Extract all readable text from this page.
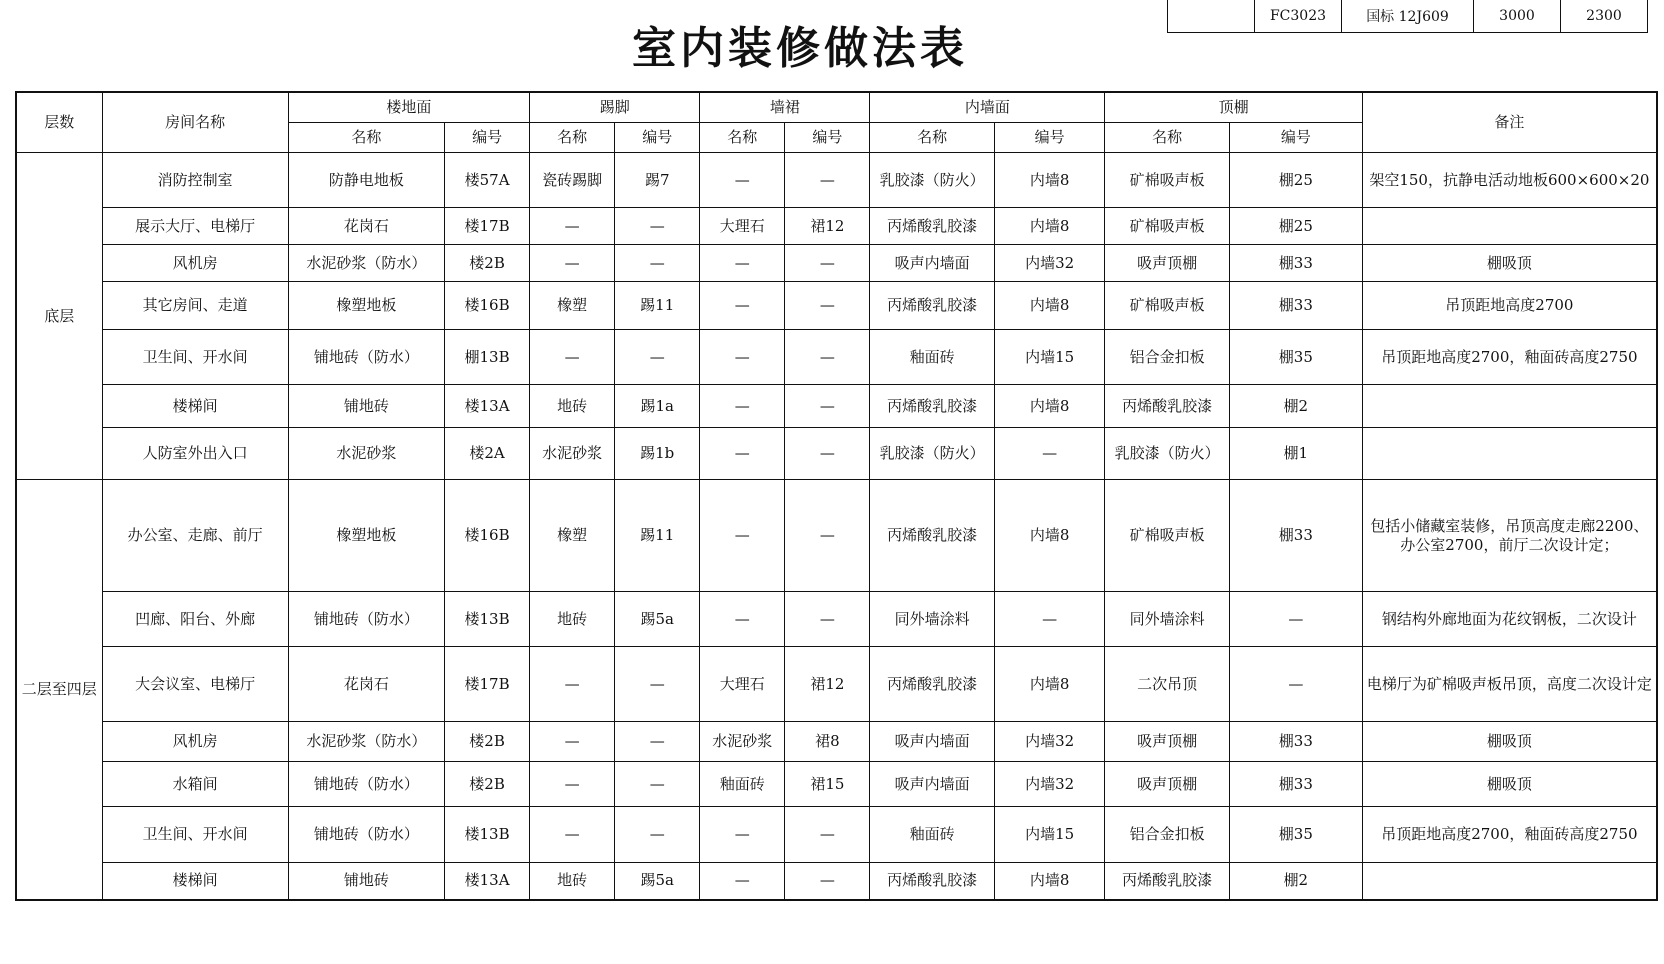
室内装修做法表
	FC3023	国标 12J609	3000	2300
层数	房间名称	楼地面		踢脚		墙裙		内墙面		顶棚		备注
		名称	编号	名称	编号	名称	编号	名称	编号	名称	编号	
底层	消防控制室	防静电地板	楼57A	瓷砖踢脚	踢7	—	—	乳胶漆（防火）	内墙8	矿棉吸声板	棚25	架空150，抗静电活动地板600×600×20
	展示大厅、电梯厅	花岗石	楼17B	—	—	大理石	裙12	丙烯酸乳胶漆	内墙8	矿棉吸声板	棚25	
	风机房	水泥砂浆（防水）	楼2B	—	—	—	—	吸声内墙面	内墙32	吸声顶棚	棚33	棚吸顶
	其它房间、走道	橡塑地板	楼16B	橡塑	踢11	—	—	丙烯酸乳胶漆	内墙8	矿棉吸声板	棚33	吊顶距地高度2700
	卫生间、开水间	铺地砖（防水）	棚13B	—	—	—	—	釉面砖	内墙15	铝合金扣板	棚35	吊顶距地高度2700，釉面砖高度2750
	楼梯间	铺地砖	楼13A	地砖	踢1a	—	—	丙烯酸乳胶漆	内墙8	丙烯酸乳胶漆	棚2	
	人防室外出入口	水泥砂浆	楼2A	水泥砂浆	踢1b	—	—	乳胶漆（防火）	—	乳胶漆（防火）	棚1	
二层至四层	办公室、走廊、前厅	橡塑地板	楼16B	橡塑	踢11	—	—	丙烯酸乳胶漆	内墙8	矿棉吸声板	棚33	包括小储藏室装修，吊顶高度走廊2200、办公室2700，前厅二次设计定；
	凹廊、阳台、外廊	铺地砖（防水）	楼13B	地砖	踢5a	—	—	同外墙涂料	—	同外墙涂料	—	钢结构外廊地面为花纹钢板，二次设计
	大会议室、电梯厅	花岗石	楼17B	—	—	大理石	裙12	丙烯酸乳胶漆	内墙8	二次吊顶	—	电梯厅为矿棉吸声板吊顶，高度二次设计定
	风机房	水泥砂浆（防水）	楼2B	—	—	水泥砂浆	裙8	吸声内墙面	内墙32	吸声顶棚	棚33	棚吸顶
	水箱间	铺地砖（防水）	楼2B	—	—	釉面砖	裙15	吸声内墙面	内墙32	吸声顶棚	棚33	棚吸顶
	卫生间、开水间	铺地砖（防水）	楼13B	—	—	—	—	釉面砖	内墙15	铝合金扣板	棚35	吊顶距地高度2700，釉面砖高度2750
	楼梯间	铺地砖	楼13A	地砖	踢5a	—	—	丙烯酸乳胶漆	内墙8	丙烯酸乳胶漆	棚2	
